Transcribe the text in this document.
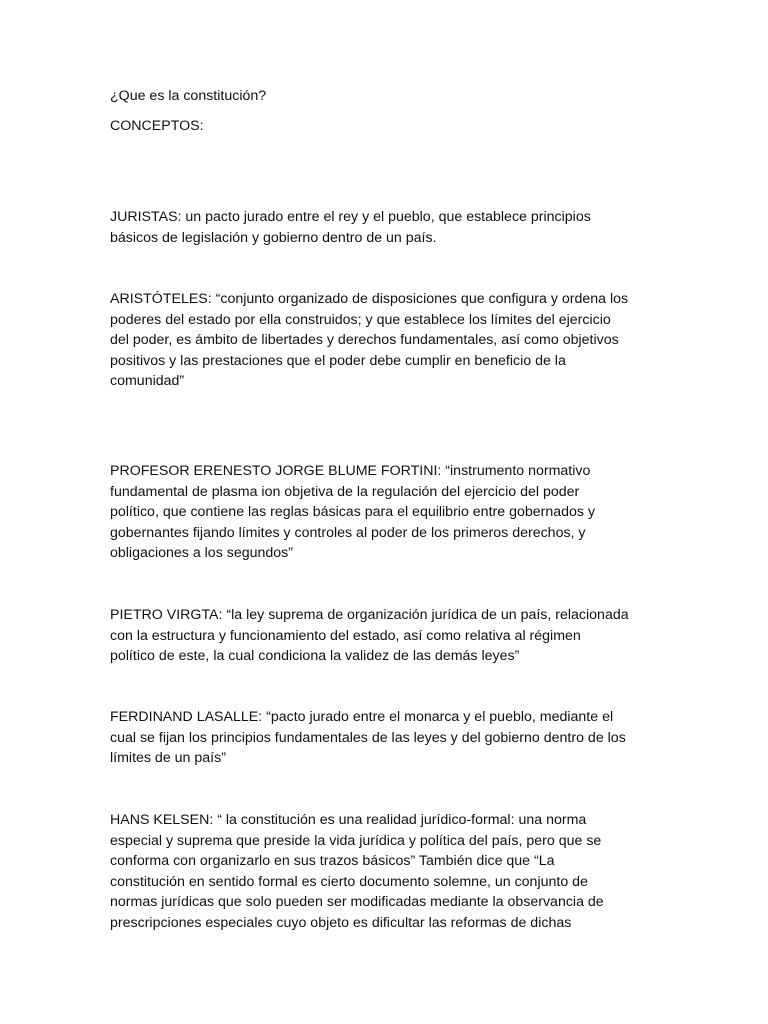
¿Que es la constitución?

CONCEPTOS:

JURISTAS: un pacto jurado entre el rey y el pueblo, que establece principios
básicos de legislación y gobierno dentro de un país.
ARISTÓTELES: “conjunto organizado de disposiciones que configura y ordena los
poderes del estado por ella construidos; y que establece los límites del ejercicio
del poder, es ámbito de libertades y derechos fundamentales, así como objetivos
positivos y las prestaciones que el poder debe cumplir en beneficio de la
comunidad”
PROFESOR ERENESTO JORGE BLUME FORTINI: “instrumento normativo
fundamental de plasma ion objetiva de la regulación del ejercicio del poder
político, que contiene las reglas básicas para el equilibrio entre gobernados y
gobernantes fijando límites y controles al poder de los primeros derechos, y
obligaciones a los segundos”
PIETRO VIRGTA: “la ley suprema de organización jurídica de un país, relacionada
con la estructura y funcionamiento del estado, así como relativa al régimen
político de este, la cual condiciona la validez de las demás leyes”
FERDINAND LASALLE: “pacto jurado entre el monarca y el pueblo, mediante el
cual se fijan los principios fundamentales de las leyes y del gobierno dentro de los
límites de un país”
HANS KELSEN: “ la constitución es una realidad jurídico-formal: una norma
especial y suprema que preside la vida jurídica y política del país, pero que se
conforma con organizarlo en sus trazos básicos” También dice que “La
constitución en sentido formal es cierto documento solemne, un conjunto de
normas jurídicas que solo pueden ser modificadas mediante la observancia de
prescripciones especiales cuyo objeto es dificultar las reformas de dichas
